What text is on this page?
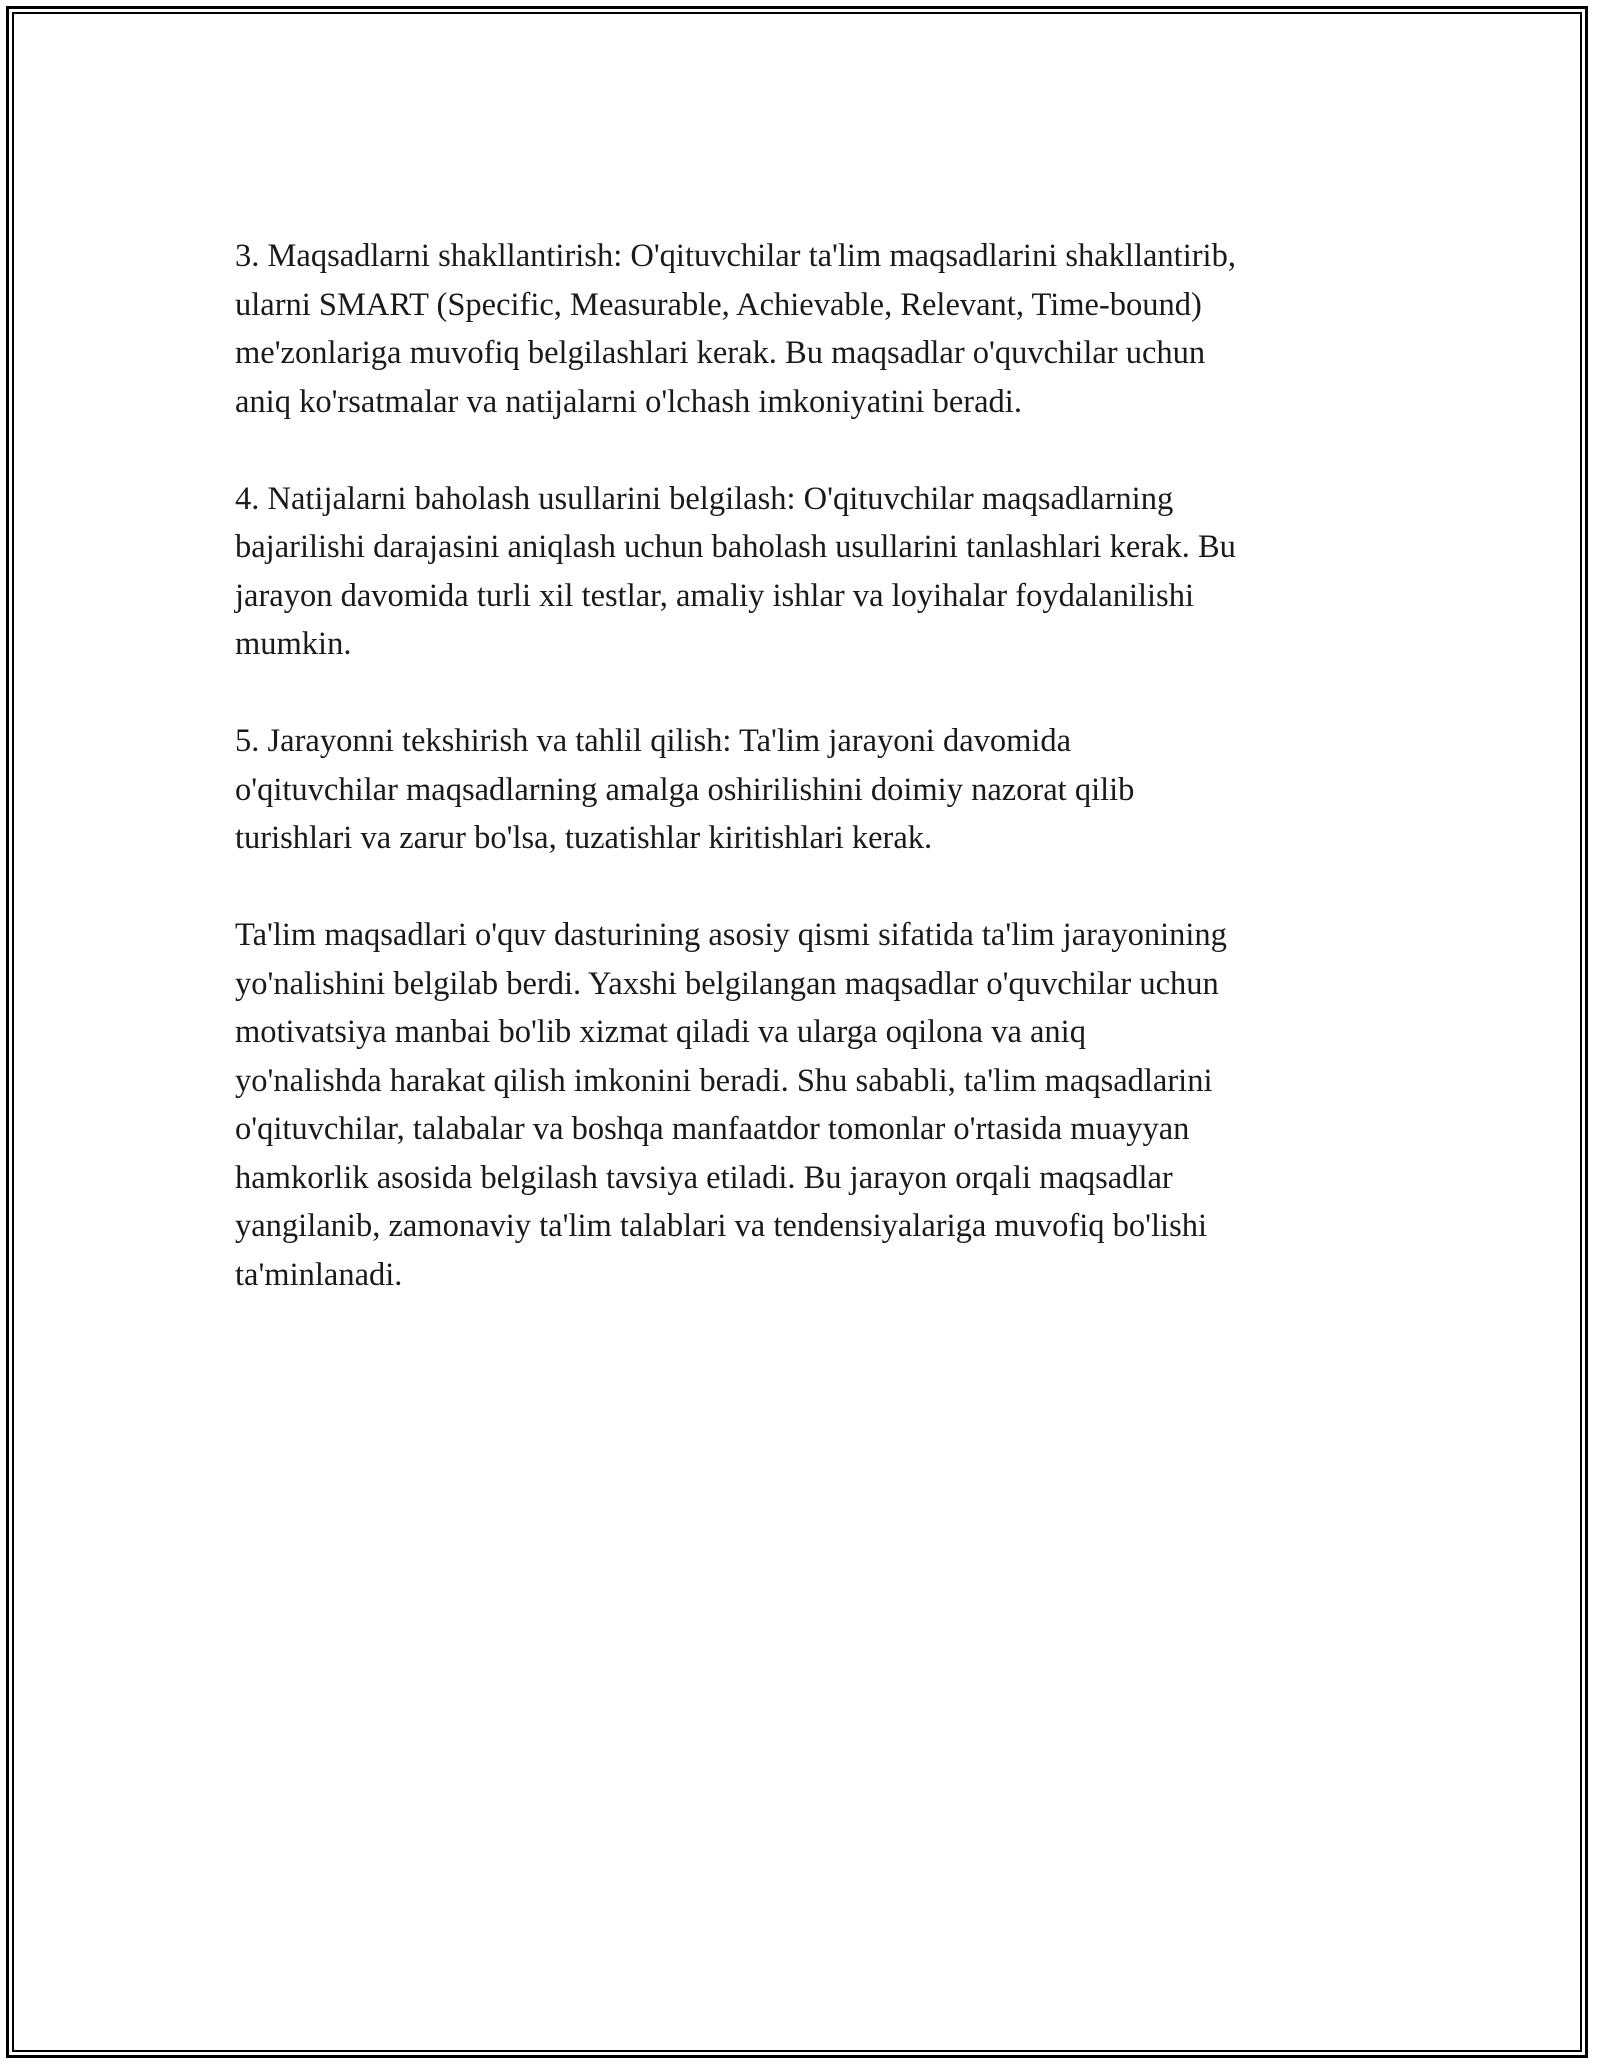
3. Maqsadlarni shakllantirish: O'qituvchilar ta'lim maqsadlarini shakllantirib,
ularni SMART (Specific, Measurable, Achievable, Relevant, Time-bound)
me'zonlariga muvofiq belgilashlari kerak. Bu maqsadlar o'quvchilar uchun
aniq ko'rsatmalar va natijalarni o'lchash imkoniyatini beradi.

4. Natijalarni baholash usullarini belgilash: O'qituvchilar maqsadlarning
bajarilishi darajasini aniqlash uchun baholash usullarini tanlashlari kerak. Bu
jarayon davomida turli xil testlar, amaliy ishlar va loyihalar foydalanilishi
mumkin.

5. Jarayonni tekshirish va tahlil qilish: Ta'lim jarayoni davomida
o'qituvchilar maqsadlarning amalga oshirilishini doimiy nazorat qilib
turishlari va zarur bo'lsa, tuzatishlar kiritishlari kerak.

Ta'lim maqsadlari o'quv dasturining asosiy qismi sifatida ta'lim jarayonining
yo'nalishini belgilab berdi. Yaxshi belgilangan maqsadlar o'quvchilar uchun
motivatsiya manbai bo'lib xizmat qiladi va ularga oqilona va aniq
yo'nalishda harakat qilish imkonini beradi. Shu sababli, ta'lim maqsadlarini
o'qituvchilar, talabalar va boshqa manfaatdor tomonlar o'rtasida muayyan
hamkorlik asosida belgilash tavsiya etiladi. Bu jarayon orqali maqsadlar
yangilanib, zamonaviy ta'lim talablari va tendensiyalariga muvofiq bo'lishi
ta'minlanadi.
